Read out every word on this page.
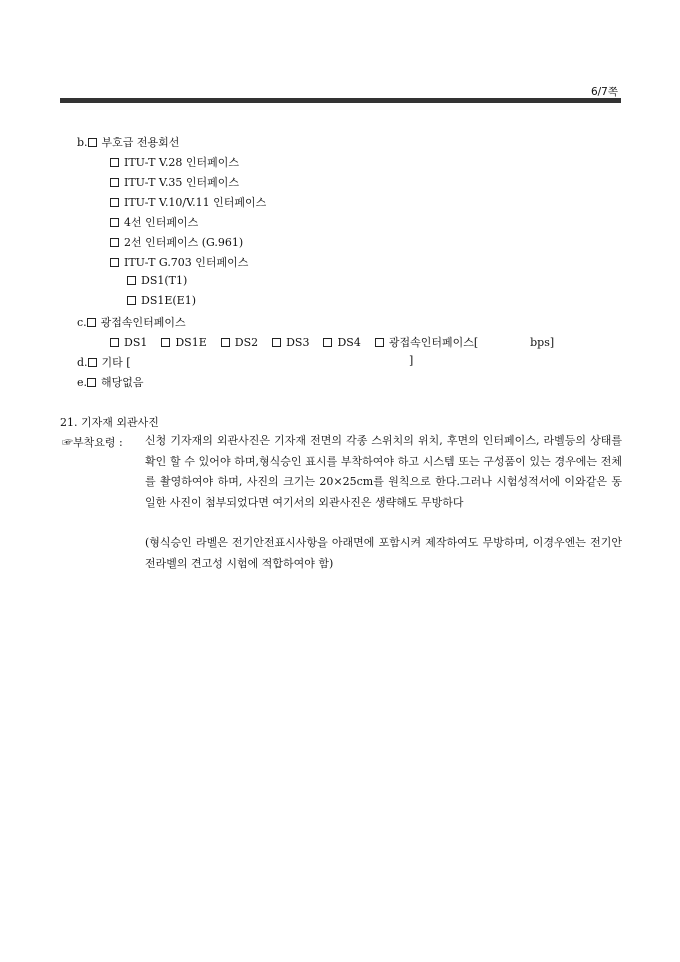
6/7쪽
b. 부호급 전용회선
ITU-T V.28 인터페이스
ITU-T V.35 인터페이스
ITU-T V.10/V.11 인터페이스
4선 인터페이스
2선 인터페이스 (G.961)
ITU-T G.703 인터페이스
DS1(T1)
DS1E(E1)
c. 광접속인터페이스
DS1	DS1E	DS2	DS3	DS4	광접속인터페이스[	bps]
d. 기타 [	]
e. 해당없음
21. 기자재 외관사진
☞부착요령 : 신청 기자재의 외관사진은 기자재 전면의 각종 스위치의 위치, 후면의 인터페이스, 라벨등의 상태를 확인 할 수 있어야 하며,형식승인 표시를 부착하여야 하고 시스템 또는 구성품이 있는 경우에는 전체를 촬영하여야 하며, 사진의 크기는 20×25cm를 원칙으로 한다.그러나 시험성적서에 이와같은 동일한 사진이 첨부되었다면 여기서의 외관사진은 생략해도 무방하다
(형식승인 라벨은 전기안전표시사항을 아래면에 포함시켜 제작하여도 무방하며, 이경우엔는 전기안전라벨의 견고성 시험에 적합하여야 함)
